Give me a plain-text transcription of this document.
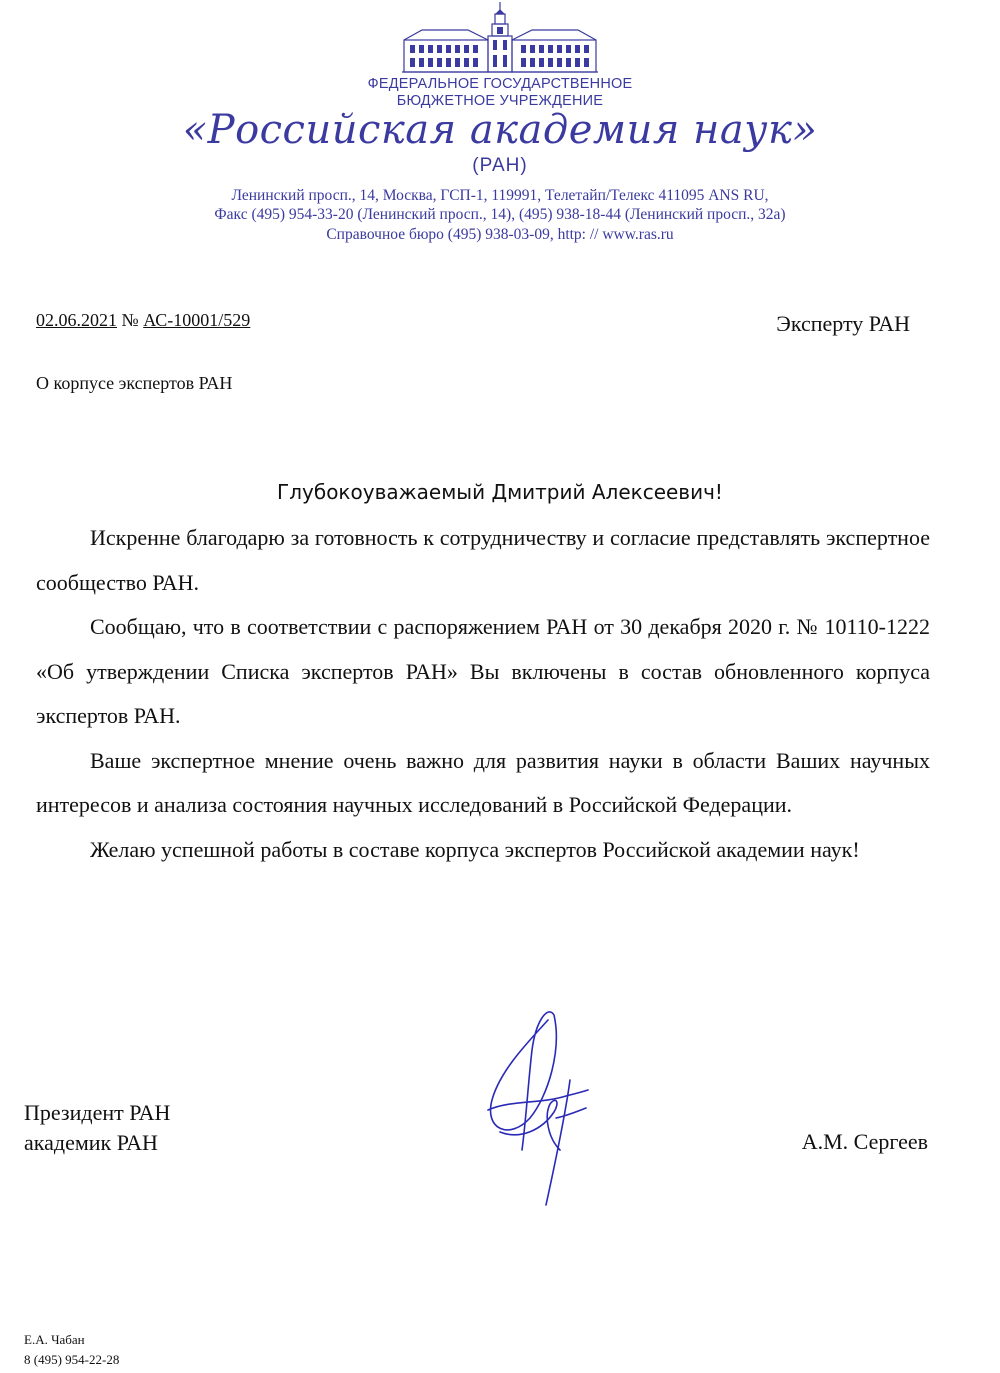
ФЕДЕРАЛЬНОЕ ГОСУДАРСТВЕННОЕ
БЮДЖЕТНОЕ УЧРЕЖДЕНИЕ
«Российская академия наук»
(РАН)
Ленинский просп., 14, Москва, ГСП-1, 119991, Телетайп/Телекс 411095 ANS RU,
Факс (495) 954-33-20 (Ленинский просп., 14), (495) 938-18-44 (Ленинский просп., 32а)
Справочное бюро (495) 938-03-09, http: // www.ras.ru
02.06.2021 № АС-10001/529	Эксперту РАН
О корпусе экспертов РАН
Глубокоуважаемый Дмитрий Алексеевич!

Искренне благодарю за готовность к сотрудничеству и согласие представлять экспертное сообщество РАН.

Сообщаю, что в соответствии с распоряжением РАН от 30 декабря 2020 г. № 10110-1222 «Об утверждении Списка экспертов РАН» Вы включены в состав обновленного корпуса экспертов РАН.

Ваше экспертное мнение очень важно для развития науки в области Ваших научных интересов и анализа состояния научных исследований в Российской Федерации.

Желаю успешной работы в составе корпуса экспертов Российской академии наук!

Президент РАН
академик РАН	А.М. Сергеев
Е.А. Чабан
8 (495) 954-22-28
